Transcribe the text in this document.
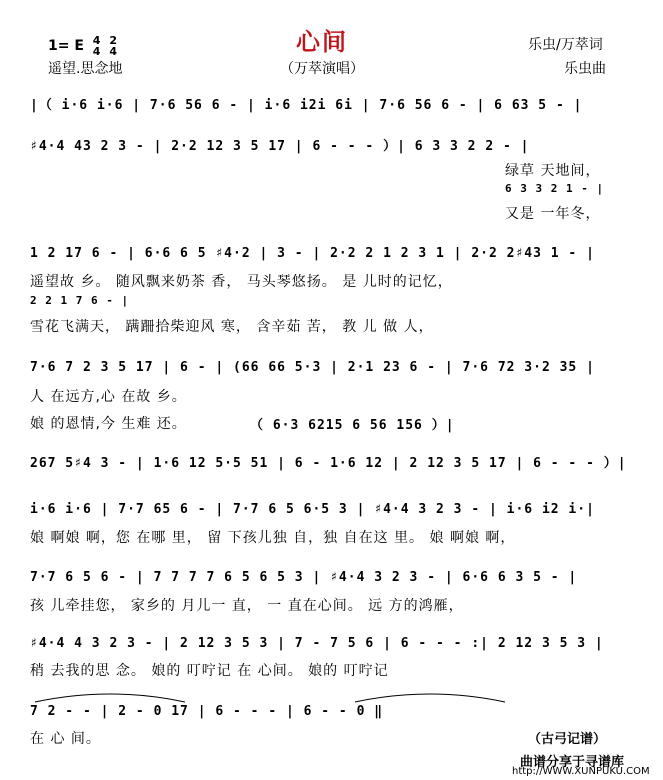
1= E 4
4

2
4	心间
遥望.思念地	（万萃演唱）
乐虫/万萃词
乐虫曲
|（ i·6 i·6 | 7·6 56 6 - | i·6 i2i 6i | 7·6 56 6 - | 6 63 5 - |
♯4·4 43 2 3 - | 2·2 12 3 5 17 | 6 - - - ）| 6 3 3 2 2 - |
绿草 天地间，
6 3 3 2 1 - |
又是 一年冬，
1 2 17 6 - | 6·6 6 5 ♯4·2 | 3 - | 2·2 2 1 2 3 1 | 2·2 2♯43 1 - |
遥望故 乡。 随风飘来奶茶 香， 马头琴悠扬。 是 儿时的记忆，
2 2 1 7 6 - |
雪花飞满天， 蹒跚拾柴迎风 寒， 含辛茹 苦， 教 儿 做 人，
7·6 7 2 3 5 17 | 6 - | (66 66 5·3 | 2·1 23 6 - | 7·6 72 3·2 35 |
人 在远方,心 在故 乡。
娘 的恩情,今 生难 还。	（ 6·3 6215 6 56 156 ）|
267 5♯4 3 - | 1·6 12 5·5 51 | 6 - 1·6 12 | 2 12 3 5 17 | 6 - - - ）|
i·6 i·6 | 7·7 65 6 - | 7·7 6 5 6·5 3 | ♯4·4 3 2 3 - | i·6 i2 i·|
娘 啊娘 啊，您 在哪 里， 留 下孩儿独 自，独 自在这 里。 娘 啊娘 啊，
7·7 6 5 6 - | 7 7 7 7 6 5 6 5 3 | ♯4·4 3 2 3 - | 6·6 6 3 5 - |
孩 儿牵挂您， 家乡的 月儿一 直， 一 直在心间。 远 方的鸿雁，
♯4·4 4 3 2 3 - | 2 12 3 5 3 | 7 - 7 5 6 | 6 - - - :| 2 12 3 5 3 |
稍 去我的思 念。 娘的 叮咛记 在 心间。 娘的 叮咛记
7 2 - - | 2 - 0 17 | 6 - - - | 6 - - 0 ‖
在 心 间。	（古弓记谱）
曲谱分享于寻谱库
http://WWW.XUNPUKU.COM
